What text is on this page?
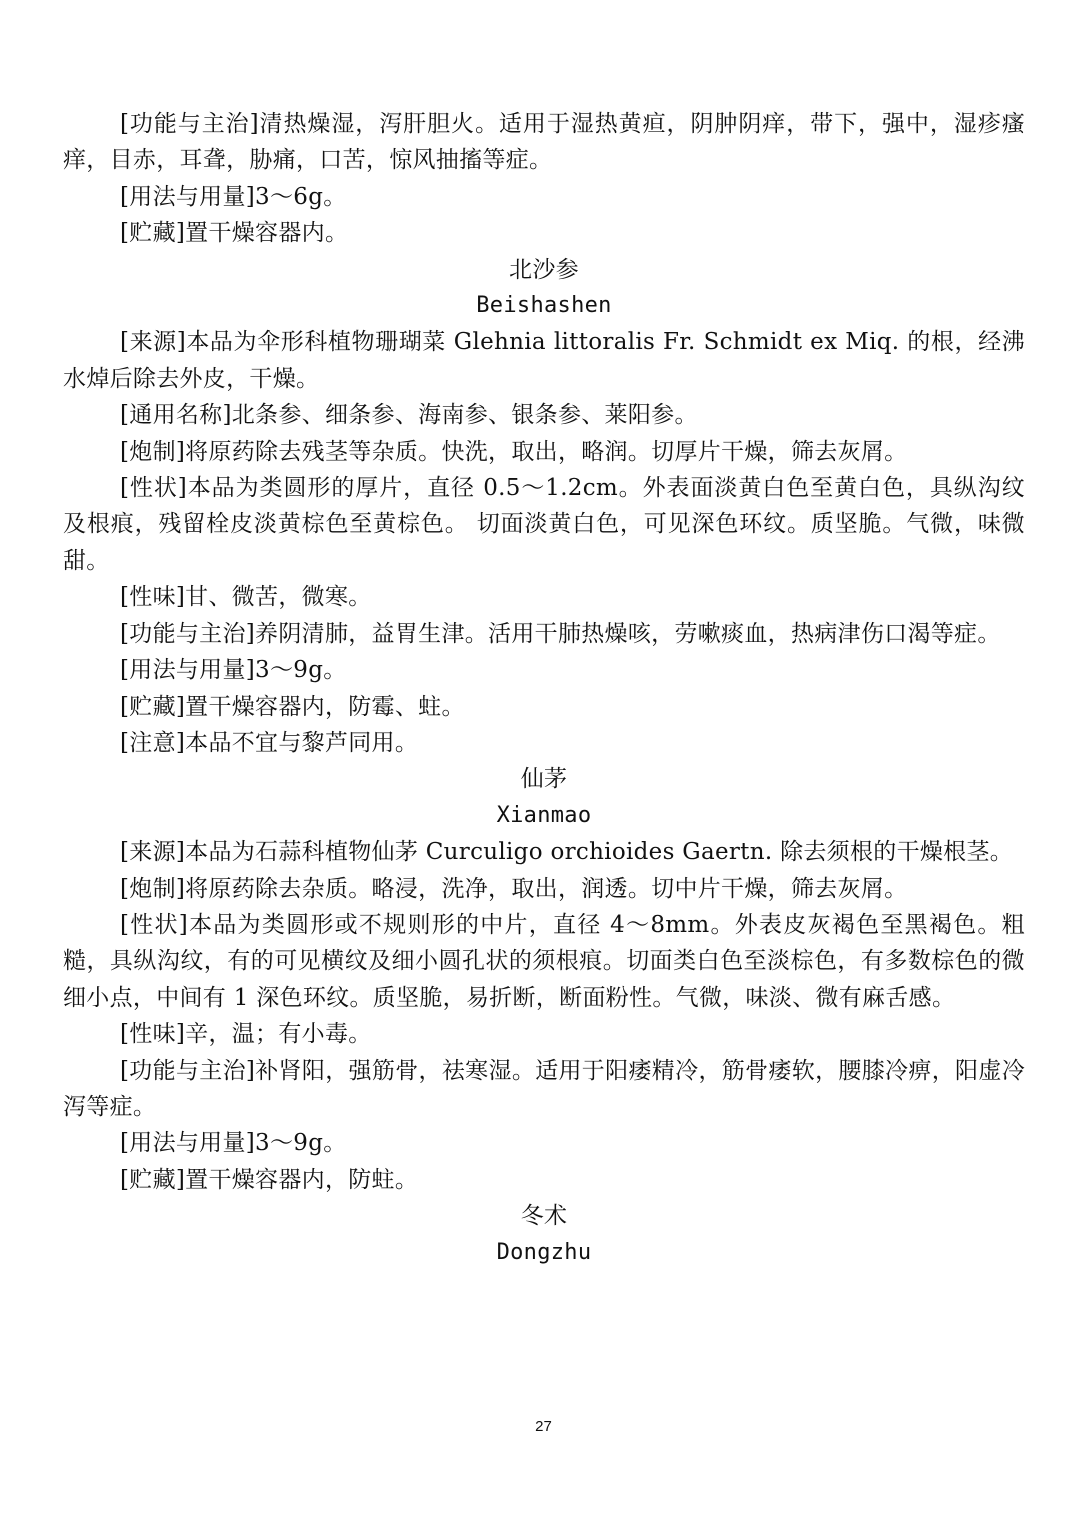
[功能与主治]清热燥湿，泻肝胆火。适用于湿热黄疸，阴肿阴痒，带下，强中，湿疹瘙痒，目赤，耳聋，胁痛，口苦，惊风抽搐等症。

[用法与用量]3～6g。

[贮藏]置干燥容器内。

北沙参

Beishashen

[来源]本品为伞形科植物珊瑚菜 Glehnia littoralis Fr. Schmidt ex Miq. 的根，经沸水焯后除去外皮，干燥。

[通用名称]北条参、细条参、海南参、银条参、莱阳参。

[炮制]将原药除去残茎等杂质。快洗，取出，略润。切厚片干燥，筛去灰屑。

[性状]本品为类圆形的厚片，直径 0.5～1.2cm。外表面淡黄白色至黄白色，具纵沟纹及根痕，残留栓皮淡黄棕色至黄棕色。 切面淡黄白色，可见深色环纹。质坚脆。气微，味微甜。

[性味]甘、微苦，微寒。

[功能与主治]养阴清肺，益胃生津。活用干肺热燥咳，劳嗽痰血，热病津伤口渴等症。

[用法与用量]3～9g。

[贮藏]置干燥容器内，防霉、蛀。

[注意]本品不宜与黎芦同用。

仙茅

Xianmao

[来源]本品为石蒜科植物仙茅 Curculigo orchioides Gaertn. 除去须根的干燥根茎。

[炮制]将原药除去杂质。略浸，洗净，取出，润透。切中片干燥，筛去灰屑。

[性状]本品为类圆形或不规则形的中片，直径 4～8mm。外表皮灰褐色至黑褐色。粗糙，具纵沟纹，有的可见横纹及细小圆孔状的须根痕。切面类白色至淡棕色，有多数棕色的微细小点，中间有 1 深色环纹。质坚脆，易折断，断面粉性。气微，味淡、微有麻舌感。

[性味]辛，温；有小毒。

[功能与主治]补肾阳，强筋骨，祛寒湿。适用于阳痿精冷，筋骨痿软，腰膝冷痹，阳虚冷泻等症。

[用法与用量]3～9g。

[贮藏]置干燥容器内，防蛀。

冬术

Dongzhu

27
